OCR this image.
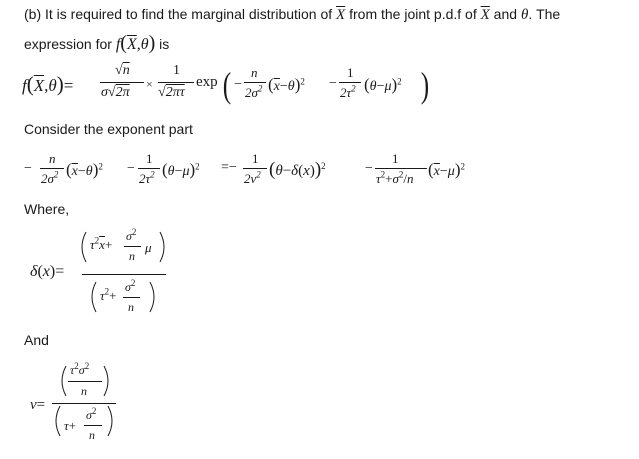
(b) It is required to find the marginal distribution of $\overline{X}$ from the joint p.d.f of $\overline{X}$ and θ. The
expression for $f(\overline{X},\theta)$ is
$f(\overline{X},\theta)=$
√n
σ√2π
×
1
√2πτ
exp ( −
n
$2\sigma^2$ $(\overline{x}-\theta)^2$ −
1
$2\tau^2$ $(\theta-\mu)^2$ )
Consider the exponent part
−
n
$2\sigma^2$ $(\overline{x}-\theta)^2$ −
1
$2\tau^2$ $(\theta-\mu)^2$ =−
1
$2\nu^2$ $(\theta-\delta(x))^2$	−
1
$\tau^2+\sigma^2/n$ $(\overline{x}-\mu)^2$
Where,
δ(x)=
$\tau^2\overline{x}+$
$\sigma^2$
n
μ
$\tau^2+$
$\sigma^2$
n
And
ν=
$\tau^2\sigma^2$
n
τ+
$\sigma^2$
n
